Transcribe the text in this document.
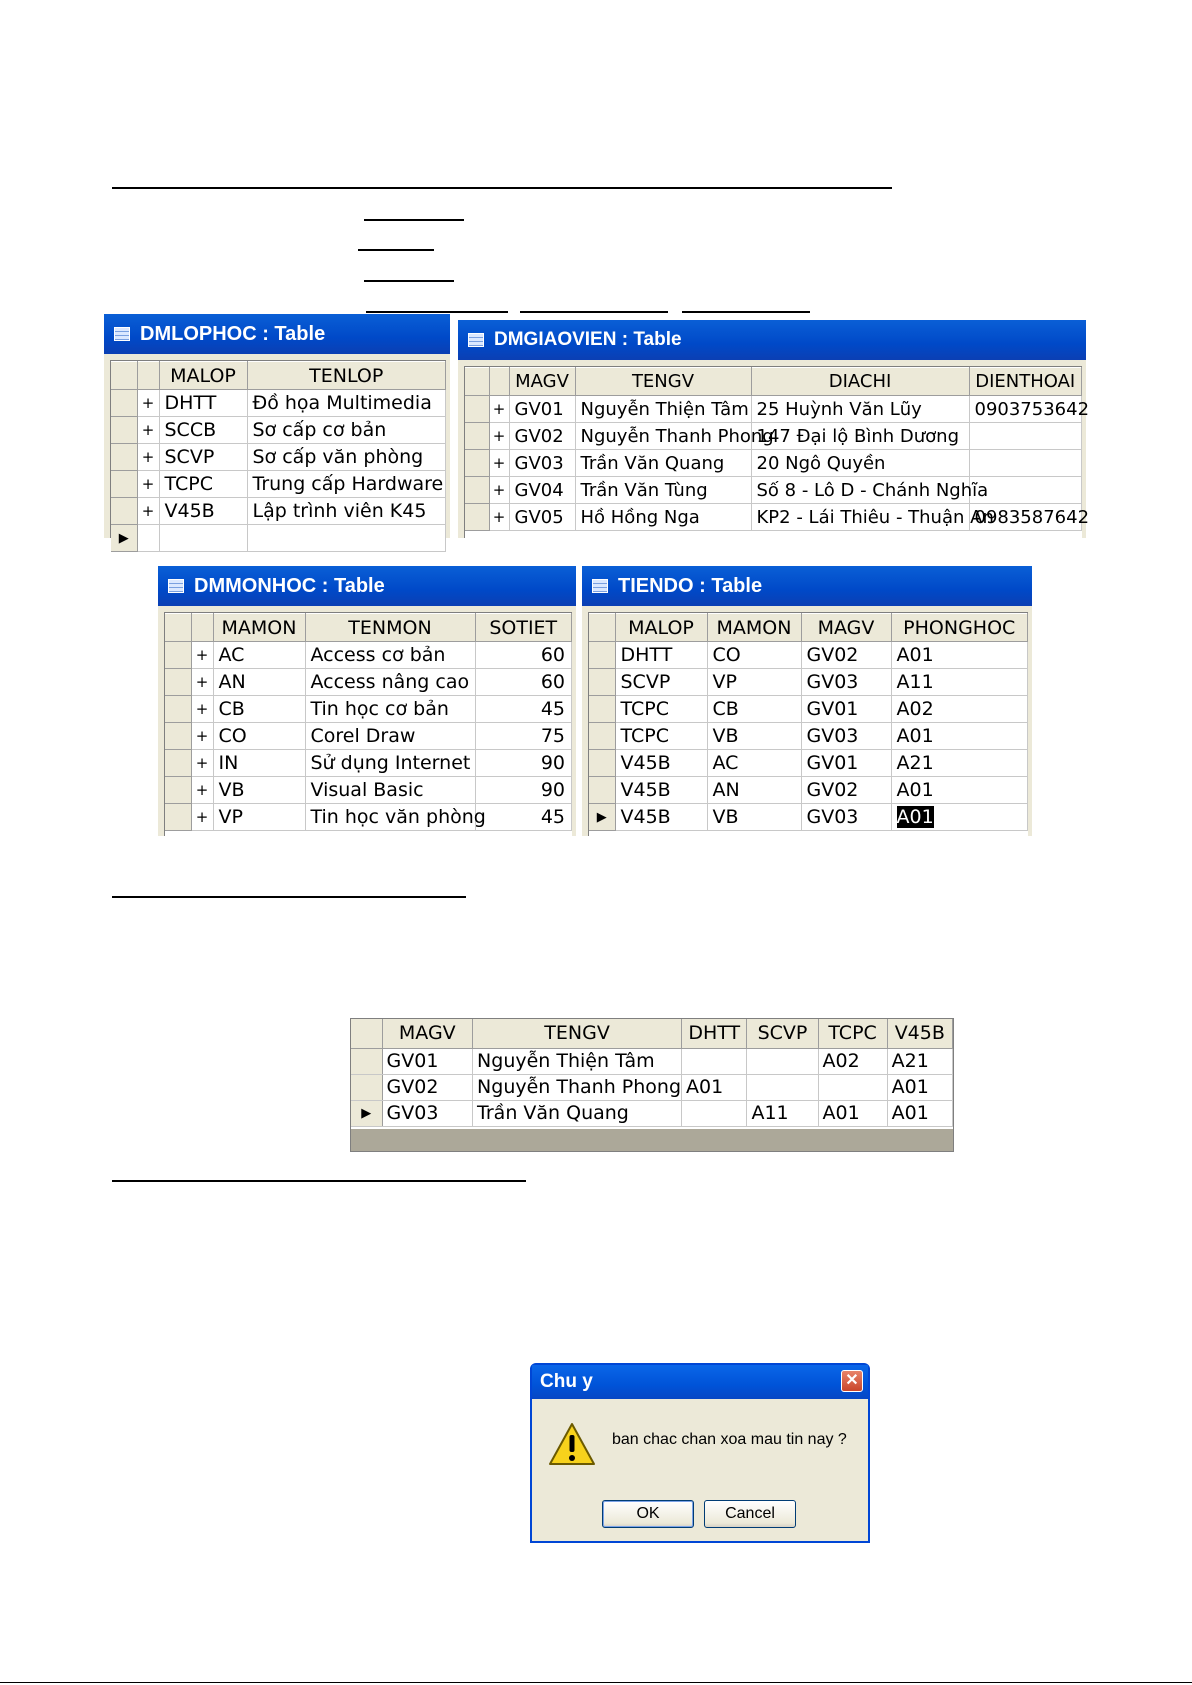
DMLOPHOC : Table
		MALOP	TENLOP
	+	DHTT	Đồ họa Multimedia
	+	SCCB	Sơ cấp cơ bản
	+	SCVP	Sơ cấp văn phòng
	+	TCPC	Trung cấp Hardware
	+	V45B	Lập trình viên K45
▶			
DMGIAOVIEN : Table
		MAGV	TENGV	DIACHI	DIENTHOAI
	+	GV01	Nguyễn Thiện Tâm	25 Huỳnh Văn Lũy	0903753642
	+	GV02	Nguyễn Thanh Phong	147 Đại lộ Bình Dương	
	+	GV03	Trần Văn Quang	20 Ngô Quyền	
	+	GV04	Trần Văn Tùng	Số 8 - Lô D - Chánh Nghĩa	
	+	GV05	Hồ Hồng Nga	KP2 - Lái Thiêu - Thuận An	0983587642
DMMONHOC : Table
		MAMON	TENMON	SOTIET
	+	AC	Access cơ bản	60
	+	AN	Access nâng cao	60
	+	CB	Tin học cơ bản	45
	+	CO	Corel Draw	75
	+	IN	Sử dụng Internet	90
	+	VB	Visual Basic	90
	+	VP	Tin học văn phòng	45
TIENDO : Table
	MALOP	MAMON	MAGV	PHONGHOC
	DHTT	CO	GV02	A01
	SCVP	VP	GV03	A11
	TCPC	CB	GV01	A02
	TCPC	VB	GV03	A01
	V45B	AC	GV01	A21
	V45B	AN	GV02	A01
▶	V45B	VB	GV03	A01
	MAGV	TENGV	DHTT	SCVP	TCPC	V45B
	GV01	Nguyễn Thiện Tâm			A02	A21
	GV02	Nguyễn Thanh Phong	A01			A01
▶	GV03	Trần Văn Quang		A11	A01	A01
Chu y	✕
ban chac chan xoa mau tin nay ?
OK	Cancel
